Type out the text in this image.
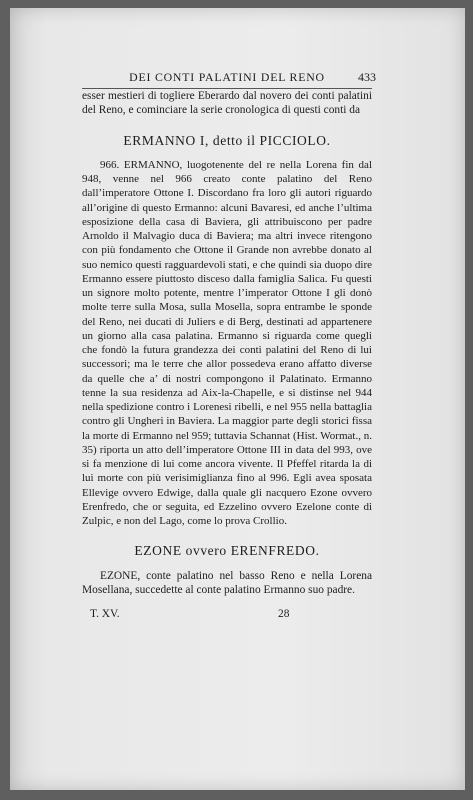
DEI CONTI PALATINI DEL RENO	433

esser mestieri di togliere Eberardo dal novero dei conti palatini del Reno, e cominciare la serie cronologica di questi conti da

ERMANNO I, detto il PICCIOLO.

966. ERMANNO, luogotenente del re nella Lorena fin dal 948, venne nel 966 creato conte palatino del Reno dall’imperatore Ottone I. Discordano fra loro gli autori riguardo all’origine di questo Ermanno: alcuni Bavaresi, ed anche l’ultima esposizione della casa di Baviera, gli attribuiscono per padre Arnoldo il Malvagio duca di Baviera; ma altri invece ritengono con più fondamento che Ottone il Grande non avrebbe donato al suo nemico questi ragguardevoli stati, e che quindi sia duopo dire Ermanno essere piuttosto disceso dalla famiglia Salica. Fu questi un signore molto potente, mentre l’imperator Ottone I gli donò molte terre sulla Mosa, sulla Mosella, sopra entrambe le sponde del Reno, nei ducati di Juliers e di Berg, destinati ad appartenere un giorno alla casa palatina. Ermanno si riguarda come quegli che fondò la futura grandezza dei conti palatini del Reno di lui successori; ma le terre che allor possedeva erano affatto diverse da quelle che a’ di nostri compongono il Palatinato. Ermanno tenne la sua residenza ad Aix-la-Chapelle, e si distinse nel 944 nella spedizione contro i Lorenesi ribelli, e nel 955 nella battaglia contro gli Ungheri in Baviera. La maggior parte degli storici fissa la morte di Ermanno nel 959; tuttavia Schannat (Hist. Wormat., n. 35) riporta un atto dell’imperatore Ottone III in data del 993, ove si fa menzione di lui come ancora vivente. Il Pfeffel ritarda la di lui morte con più verisimiglianza fino al 996. Egli avea sposata Ellevige ovvero Edwige, dalla quale gli nacquero Ezone ovvero Erenfredo, che or seguita, ed Ezzelino ovvero Ezelone conte di Zulpic, e non del Lago, come lo prova Crollio.

EZONE ovvero ERENFREDO.

EZONE, conte palatino nel basso Reno e nella Lorena Mosellana, succedette al conte palatino Ermanno suo padre.

T. XV.	28
